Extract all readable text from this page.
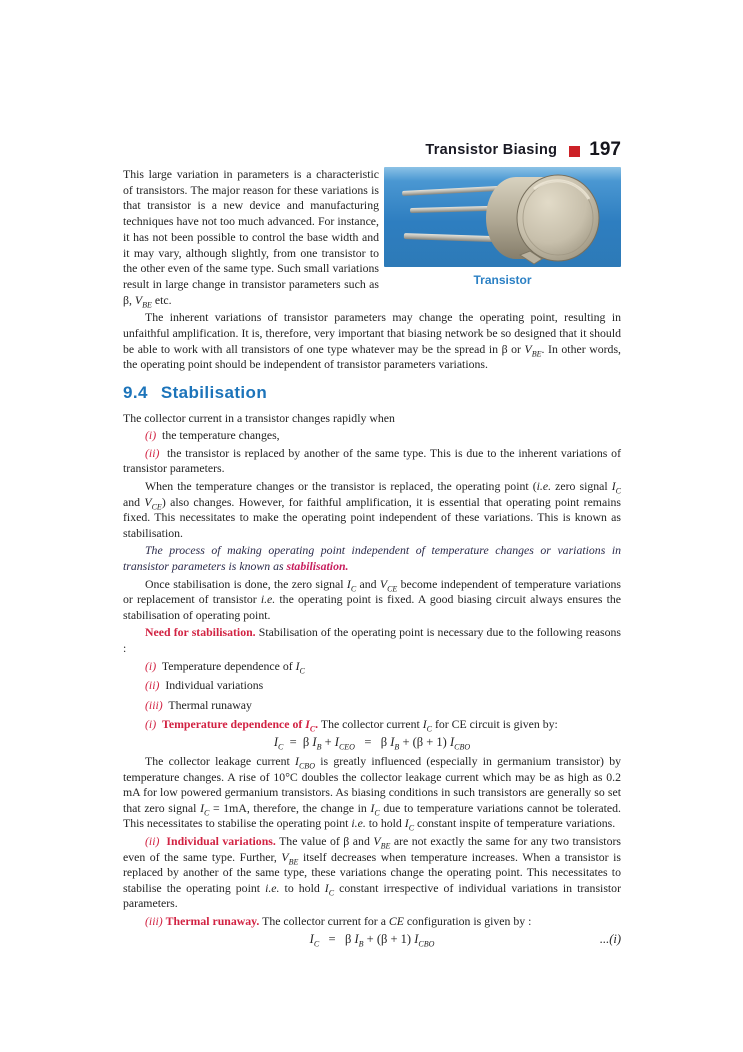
Transistor Biasing 197

This large variation in parameters is a characteristic of transistors. The major reason for these variations is that transistor is a new device and manufacturing techniques have not too much advanced. For instance, it has not been possible to control the base width and it may vary, although slightly, from one transistor to the other even of the same type. Such small variations result in large change in transistor parameters such as β, $V_{BE}$ etc.

Transistor

The inherent variations of transistor parameters may change the operating point, resulting in unfaithful amplification. It is, therefore, very important that biasing network be so designed that it should be able to work with all transistors of one type whatever may be the spread in β or $V_{BE}$. In other words, the operating point should be independent of transistor parameters variations.

9.4 Stabilisation

The collector current in a transistor changes rapidly when

(i)  the temperature changes,

(ii)  the transistor is replaced by another of the same type. This is due to the inherent variations of transistor parameters.

When the temperature changes or the transistor is replaced, the operating point (i.e. zero signal $I_C$ and $V_{CE}$) also changes. However, for faithful amplification, it is essential that operating point remains fixed. This necessitates to make the operating point independent of these variations. This is known as stabilisation.

The process of making operating point independent of temperature changes or variations in transistor parameters is known as stabilisation.

Once stabilisation is done, the zero signal $I_C$ and $V_{CE}$ become independent of temperature variations or replacement of transistor i.e. the operating point is fixed. A good biasing circuit always ensures the stabilisation of operating point.

Need for stabilisation. Stabilisation of the operating point is necessary due to the following reasons :

(i)  Temperature dependence of $I_C$

(ii)  Individual variations

(iii)  Thermal runaway

(i) Temperature dependence of $I_C$. The collector current $I_C$ for CE circuit is given by:

$I_C = \beta$ $I_B + I_{CEO} = \beta$ $I_B + (\beta + 1)$ $I_{CBO}$

The collector leakage current $I_{CBO}$ is greatly influenced (especially in germanium transistor) by temperature changes. A rise of 10°C doubles the collector leakage current which may be as high as 0.2 mA for low powered germanium transistors. As biasing conditions in such transistors are generally so set that zero signal $I_C = 1mA$, therefore, the change in $I_C$ due to temperature variations cannot be tolerated. This necessitates to stabilise the operating point i.e. to hold $I_C$ constant inspite of temperature variations.

(ii) Individual variations. The value of β and $V_{BE}$ are not exactly the same for any two transistors even of the same type. Further, $V_{BE}$ itself decreases when temperature increases. When a transistor is replaced by another of the same type, these variations change the operating point. This necessitates to stabilise the operating point i.e. to hold $I_C$ constant irrespective of individual variations in transistor parameters.

(iii) Thermal runaway. The collector current for a CE configuration is given by :

$I_C = \beta$ $I_B + (\beta + 1)$ $I_{CBO}$	...(i)
